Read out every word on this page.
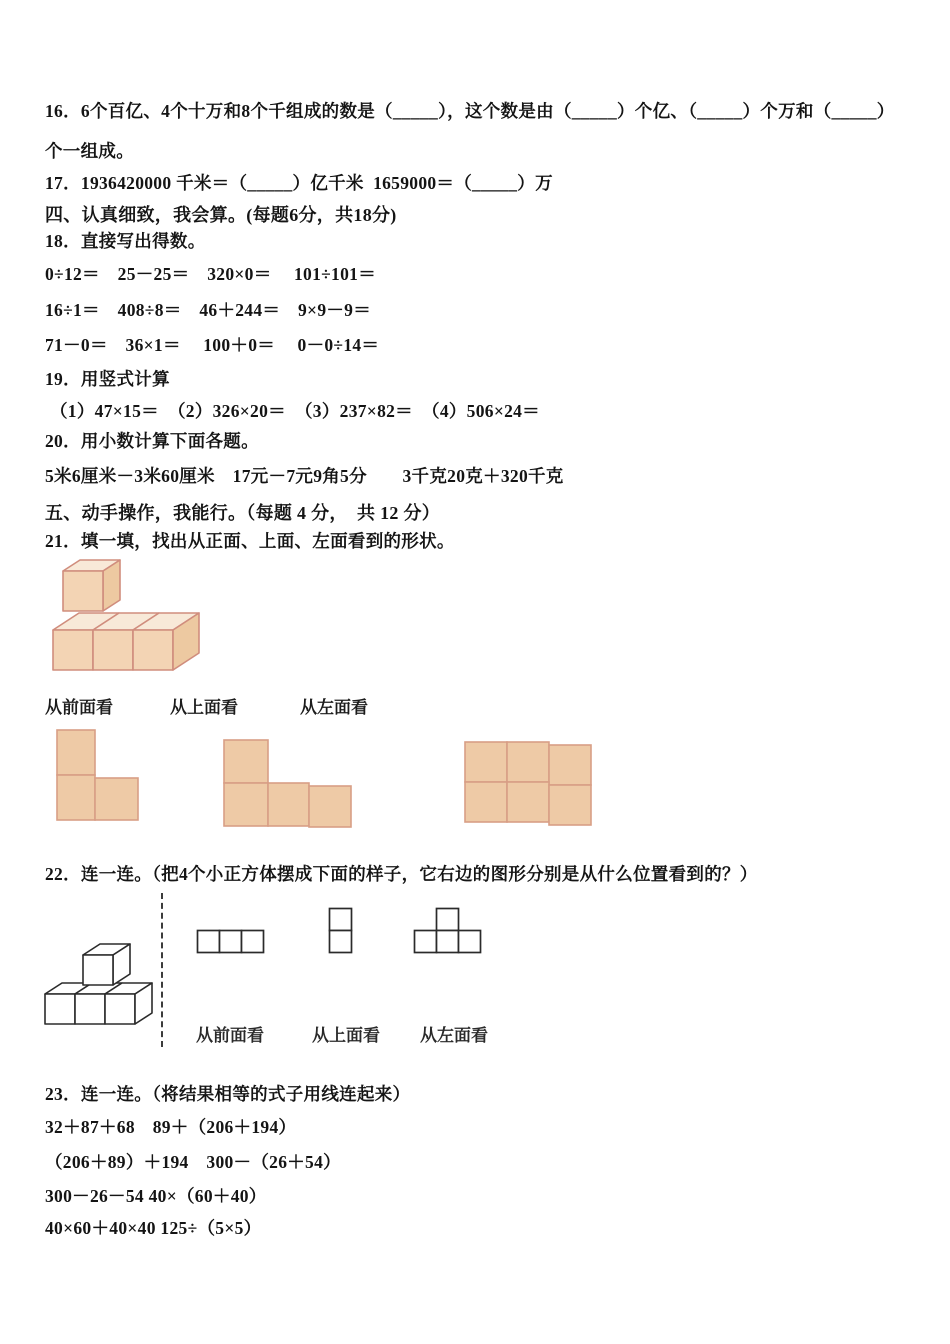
16．6个百亿、4个十万和8个千组成的数是（_____），这个数是由（_____）个亿、（_____）个万和（_____）
个一组成。
17．1936420000 千米＝（_____）亿千米  1659000＝（_____）万
四、认真细致，我会算。(每题6分，共18分)
18．直接写出得数。
0÷12＝　25－25＝　320×0＝　 101÷101＝
16÷1＝　408÷8＝　46＋244＝　9×9－9＝
71－0＝　36×1＝　 100＋0＝　 0－0÷14＝
19．用竖式计算
（1）47×15＝　（2）326×20＝　（3）237×82＝　（4）506×24＝
20．用小数计算下面各题。
5米6厘米－3米60厘米　17元－7元9角5分　　3千克20克＋320千克
五、动手操作，我能行。（每题 4 分，　共 12 分）
21．填一填，找出从正面、上面、左面看到的形状。
从前面看	从上面看	从左面看
22．连一连。（把4个小正方体摆成下面的样子，它右边的图形分别是从什么位置看到的？）
从前面看	从上面看 从左面看
23．连一连。（将结果相等的式子用线连起来）
32＋87＋68　89＋（206＋194）
（206＋89）＋194　300－（26＋54）
300－26－54 40×（60＋40）
40×60＋40×40 125÷（5×5）
